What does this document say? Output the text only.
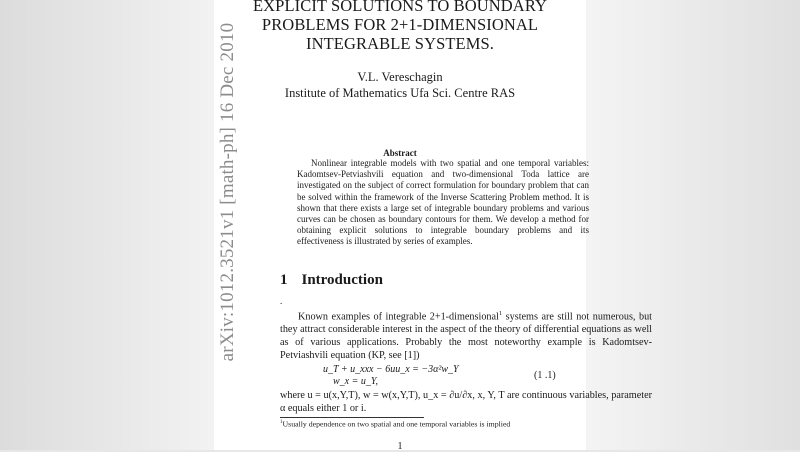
EXPLICIT SOLUTIONS TO BOUNDARY
PROBLEMS FOR 2+1-DIMENSIONAL
INTEGRABLE SYSTEMS.
V.L. Vereschagin
Institute of Mathematics Ufa Sci. Centre RAS
Abstract

Nonlinear integrable models with two spatial and one temporal variables: Kadomtsev-Petviashvili equation and two-dimensional Toda lattice are investigated on the subject of correct formulation for boundary problem that can be solved within the framework of the Inverse Scattering Problem method. It is shown that there exists a large set of integrable boundary problems and various curves can be chosen as boundary contours for them. We develop a method for obtaining explicit solutions to integrable boundary problems and its effectiveness is illustrated by series of examples.

1 Introduction
.

Known examples of integrable 2+1-dimensional$^1$ systems are still not numerous, but they attract considerable interest in the aspect of the theory of differential equations as well as of various applications. Probably the most noteworthy example is Kadomtsev-Petviashvili equation (KP, see [1])

u_T + u_xxx − 6uu_x = −3α²w_Y
w_x = u_Y,
(1 .1)
where u = u(x,Y,T), w = w(x,Y,T), u_x = ∂u/∂x, x, Y, T are continuous variables, parameter α equals either 1 or i.
$^1$Usually dependence on two spatial and one temporal variables is implied
1
arXiv:1012.3521v1 [math-ph] 16 Dec 2010
